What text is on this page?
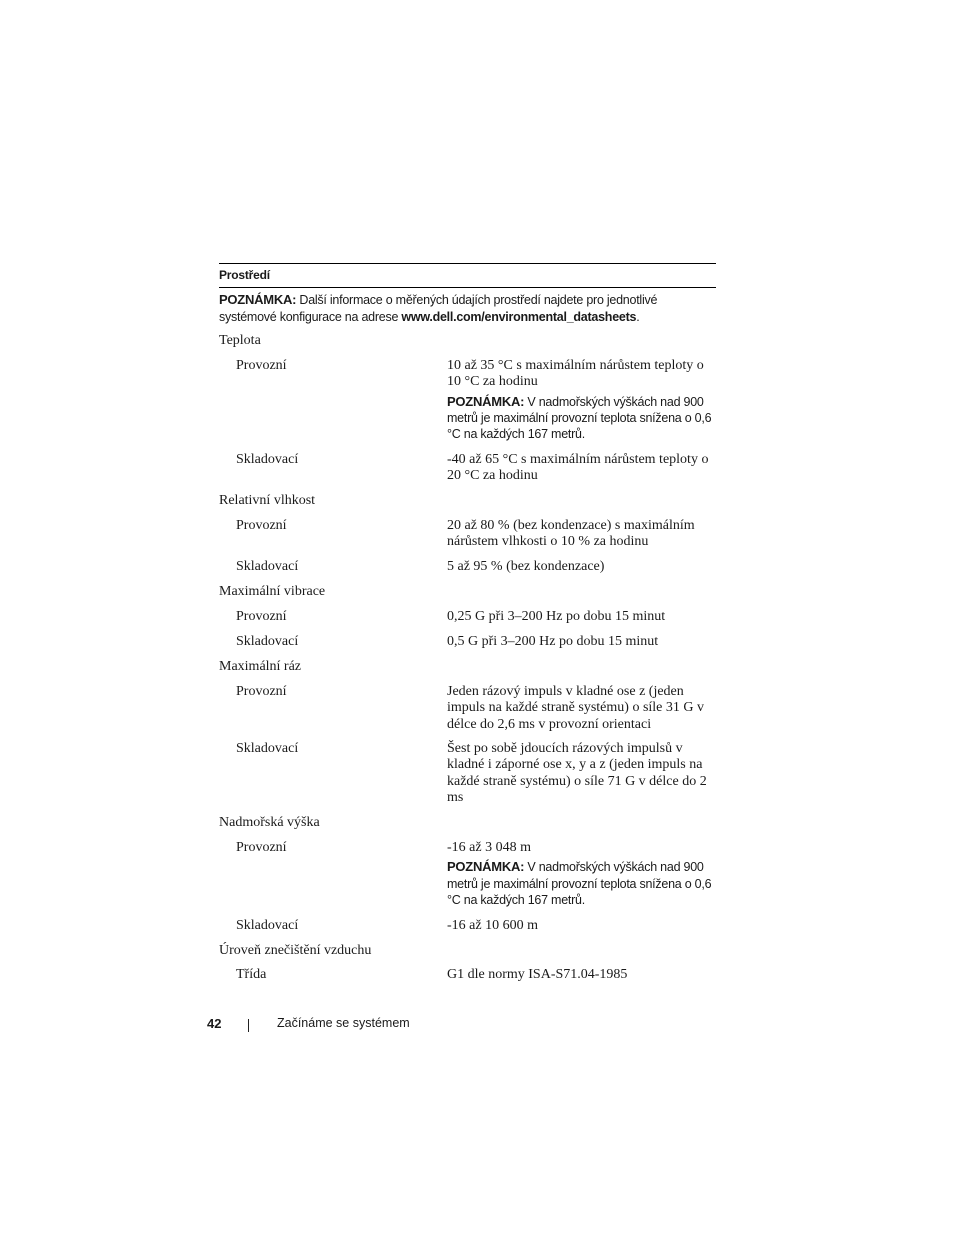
Prostředí
POZNÁMKA: Další informace o měřených údajích prostředí najdete pro jednotlivé systémové konfigurace na adrese www.dell.com/environmental_datasheets.
Teplota
Provozní	10 až 35 °C s maximálním nárůstem teploty o 10 °C za hodinu
POZNÁMKA: V nadmořských výškách nad 900 metrů je maximální provozní teplota snížena o 0,6 °C na každých 167 metrů.
Skladovací	-40 až 65 °C s maximálním nárůstem teploty o 20 °C za hodinu
Relativní vlhkost
Provozní	20 až 80 % (bez kondenzace) s maximálním nárůstem vlhkosti o 10 % za hodinu
Skladovací	5 až 95 % (bez kondenzace)
Maximální vibrace
Provozní	0,25 G při 3–200 Hz po dobu 15 minut
Skladovací	0,5 G při 3–200 Hz po dobu 15 minut
Maximální ráz
Provozní	Jeden rázový impuls v kladné ose z (jeden impuls na každé straně systému) o síle 31 G v délce do 2,6 ms v provozní orientaci
Skladovací	Šest po sobě jdoucích rázových impulsů v kladné i záporné ose x, y a z (jeden impuls na každé straně systému) o síle 71 G v délce do 2 ms
Nadmořská výška
Provozní	-16 až 3 048 m
POZNÁMKA: V nadmořských výškách nad 900 metrů je maximální provozní teplota snížena o 0,6 °C na každých 167 metrů.
Skladovací	-16 až 10 600 m
Úroveň znečištění vzduchu
Třída	G1 dle normy ISA-S71.04-1985
42	Začínáme se systémem
